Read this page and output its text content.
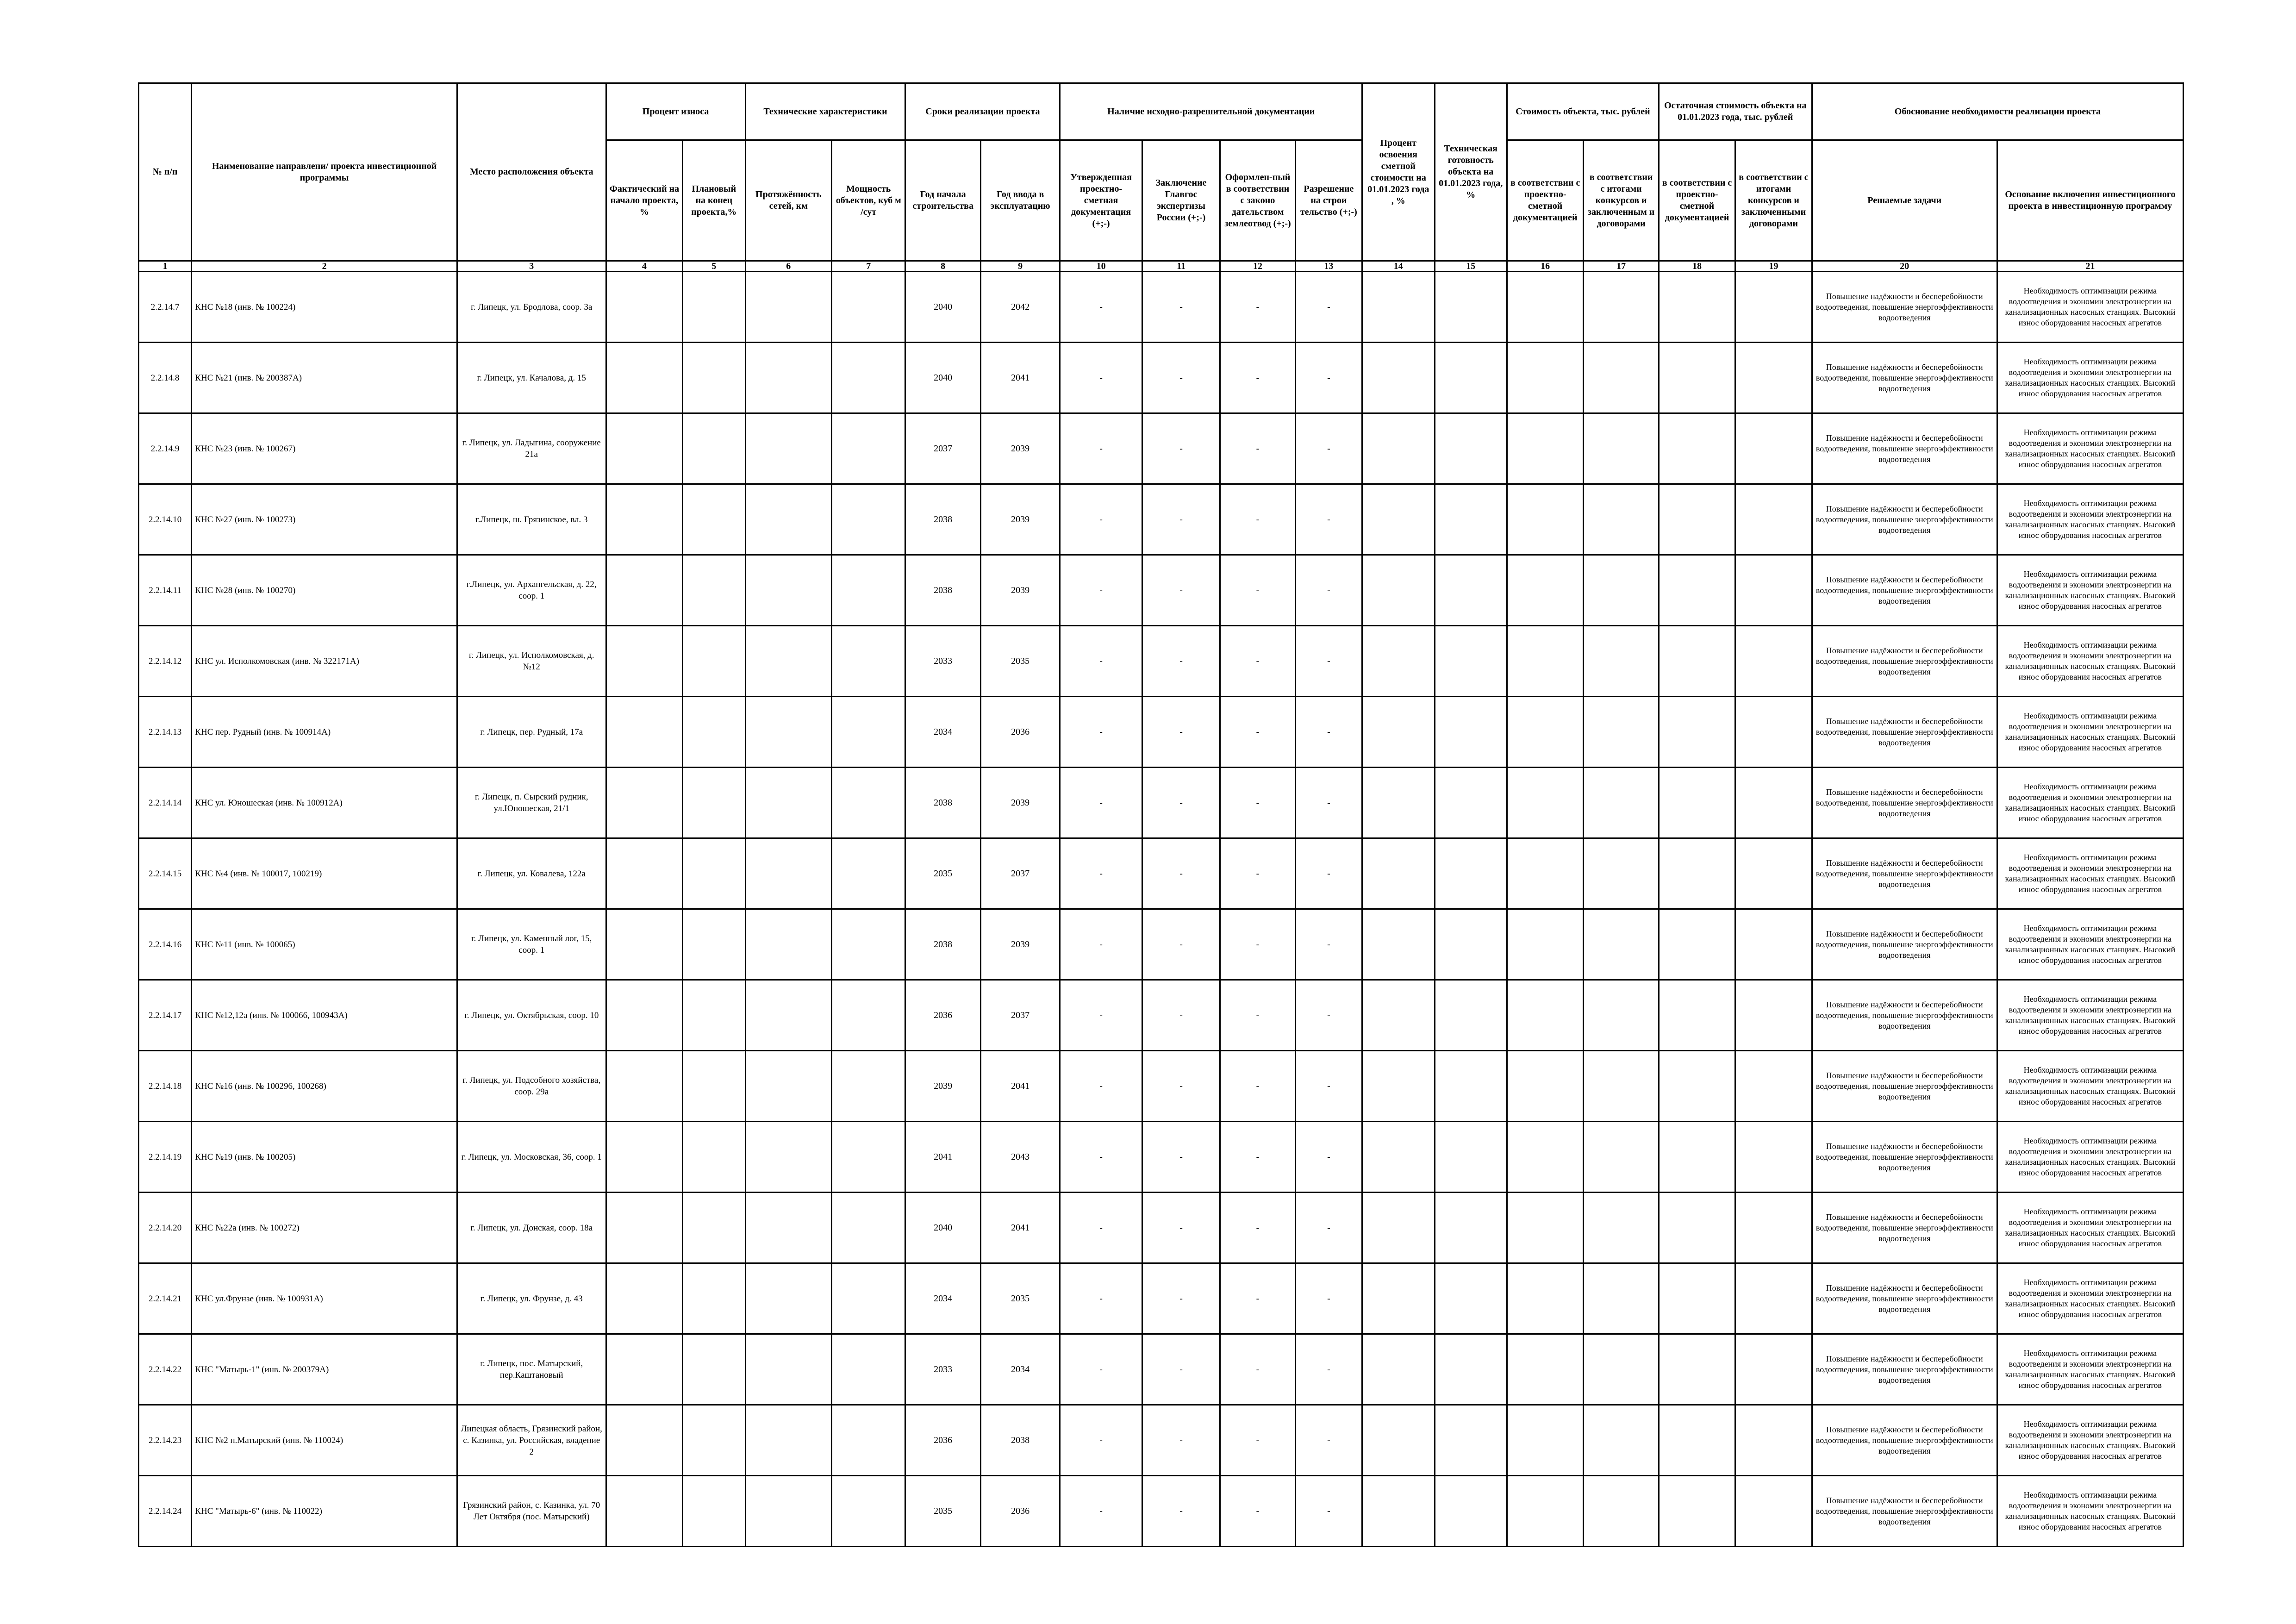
№ п/п	Наименование направлени/ проекта инвестиционной программы	Место расположения объекта	Процент износа		Технические характеристики		Сроки реализации проекта		Наличие исходно-разрешительной документации				Процент освоения сметной стоимости на 01.01.2023 года , %	Техническая готовность объекта на 01.01.2023 года, %	Стоимость объекта, тыс. рублей		Остаточная стоимость объекта на 01.01.2023 года, тыс. рублей		Обоснование необходимости реализации проекта	
			Фактический на начало проекта, %	Плановый на конец проекта,%	Протяжённость сетей, км	Мощность объектов, куб м /сут	Год начала строительства	Год ввода в эксплуатацию	Утвержденная проектно-сметная документация (+;-)	Заключение Главгос экспертизы России (+;-)	Оформлен-ный в соответствии с законо дательством землеотвод (+;-)	Разрешение на строи тельство (+;-)			в соответствии с проектно-сметной документацией	в соответствии с итогами конкурсов и заключенным и договорами	в соответствии с проектно-сметной документацией	в соответствии с итогами конкурсов и заключенными договорами	Решаемые задачи	Основание включения инвестиционного проекта в инвестиционную программу
1	2	3	4	5	6	7	8	9	10	11	12	13	14	15	16	17	18	19	20	21
2.2.14.7	КНС №18 (инв. № 100224)	г. Липецк, ул. Бродлова, соор. 3а					2040	2042	-	-	-	-							Повышение надёжности и бесперебойности водоотведения, повышение энергоэффективности водоотведения	Необходимость оптимизации режима водоотведения и экономии электроэнергии на канализационных насосных станциях. Высокий износ оборудования насосных агрегатов
2.2.14.8	КНС №21 (инв. № 200387А)	г. Липецк, ул. Качалова, д. 15					2040	2041	-	-	-	-							Повышение надёжности и бесперебойности водоотведения, повышение энергоэффективности водоотведения	Необходимость оптимизации режима водоотведения и экономии электроэнергии на канализационных насосных станциях. Высокий износ оборудования насосных агрегатов
2.2.14.9	КНС №23 (инв. № 100267)	г. Липецк, ул. Ладыгина, сооружение 21а					2037	2039	-	-	-	-							Повышение надёжности и бесперебойности водоотведения, повышение энергоэффективности водоотведения	Необходимость оптимизации режима водоотведения и экономии электроэнергии на канализационных насосных станциях. Высокий износ оборудования насосных агрегатов
2.2.14.10	КНС №27 (инв. № 100273)	г.Липецк, ш. Грязинское, вл. 3					2038	2039	-	-	-	-							Повышение надёжности и бесперебойности водоотведения, повышение энергоэффективности водоотведения	Необходимость оптимизации режима водоотведения и экономии электроэнергии на канализационных насосных станциях. Высокий износ оборудования насосных агрегатов
2.2.14.11	КНС №28 (инв. № 100270)	г.Липецк, ул. Архангельская, д. 22, соор. 1					2038	2039	-	-	-	-							Повышение надёжности и бесперебойности водоотведения, повышение энергоэффективности водоотведения	Необходимость оптимизации режима водоотведения и экономии электроэнергии на канализационных насосных станциях. Высокий износ оборудования насосных агрегатов
2.2.14.12	КНС ул. Исполкомовская (инв. № 322171А)	г. Липецк, ул. Исполкомовская, д. №12					2033	2035	-	-	-	-							Повышение надёжности и бесперебойности водоотведения, повышение энергоэффективности водоотведения	Необходимость оптимизации режима водоотведения и экономии электроэнергии на канализационных насосных станциях. Высокий износ оборудования насосных агрегатов
2.2.14.13	КНС пер. Рудный (инв. № 100914А)	г. Липецк, пер. Рудный, 17а					2034	2036	-	-	-	-							Повышение надёжности и бесперебойности водоотведения, повышение энергоэффективности водоотведения	Необходимость оптимизации режима водоотведения и экономии электроэнергии на канализационных насосных станциях. Высокий износ оборудования насосных агрегатов
2.2.14.14	КНС ул. Юношеская (инв. № 100912А)	г. Липецк, п. Сырский рудник, ул.Юношеская, 21/1					2038	2039	-	-	-	-							Повышение надёжности и бесперебойности водоотведения, повышение энергоэффективности водоотведения	Необходимость оптимизации режима водоотведения и экономии электроэнергии на канализационных насосных станциях. Высокий износ оборудования насосных агрегатов
2.2.14.15	КНС №4 (инв. № 100017, 100219)	г. Липецк, ул. Ковалева, 122а					2035	2037	-	-	-	-							Повышение надёжности и бесперебойности водоотведения, повышение энергоэффективности водоотведения	Необходимость оптимизации режима водоотведения и экономии электроэнергии на канализационных насосных станциях. Высокий износ оборудования насосных агрегатов
2.2.14.16	КНС №11 (инв. № 100065)	г. Липецк, ул. Каменный лог, 15, соор. 1					2038	2039	-	-	-	-							Повышение надёжности и бесперебойности водоотведения, повышение энергоэффективности водоотведения	Необходимость оптимизации режима водоотведения и экономии электроэнергии на канализационных насосных станциях. Высокий износ оборудования насосных агрегатов
2.2.14.17	КНС №12,12а (инв. № 100066, 100943А)	г. Липецк, ул. Октябрьская, соор. 10					2036	2037	-	-	-	-							Повышение надёжности и бесперебойности водоотведения, повышение энергоэффективности водоотведения	Необходимость оптимизации режима водоотведения и экономии электроэнергии на канализационных насосных станциях. Высокий износ оборудования насосных агрегатов
2.2.14.18	КНС №16 (инв. № 100296, 100268)	г. Липецк, ул. Подсобного хозяйства, соор. 29а					2039	2041	-	-	-	-							Повышение надёжности и бесперебойности водоотведения, повышение энергоэффективности водоотведения	Необходимость оптимизации режима водоотведения и экономии электроэнергии на канализационных насосных станциях. Высокий износ оборудования насосных агрегатов
2.2.14.19	КНС №19 (инв. № 100205)	г. Липецк, ул. Московская, 36, соор. 1					2041	2043	-	-	-	-							Повышение надёжности и бесперебойности водоотведения, повышение энергоэффективности водоотведения	Необходимость оптимизации режима водоотведения и экономии электроэнергии на канализационных насосных станциях. Высокий износ оборудования насосных агрегатов
2.2.14.20	КНС №22а (инв. № 100272)	г. Липецк, ул. Донская, соор. 18а					2040	2041	-	-	-	-							Повышение надёжности и бесперебойности водоотведения, повышение энергоэффективности водоотведения	Необходимость оптимизации режима водоотведения и экономии электроэнергии на канализационных насосных станциях. Высокий износ оборудования насосных агрегатов
2.2.14.21	КНС ул.Фрунзе (инв. № 100931А)	г. Липецк, ул. Фрунзе, д. 43					2034	2035	-	-	-	-							Повышение надёжности и бесперебойности водоотведения, повышение энергоэффективности водоотведения	Необходимость оптимизации режима водоотведения и экономии электроэнергии на канализационных насосных станциях. Высокий износ оборудования насосных агрегатов
2.2.14.22	КНС "Матырь-1" (инв. № 200379А)	г. Липецк, пос. Матырский, пер.Каштановый					2033	2034	-	-	-	-							Повышение надёжности и бесперебойности водоотведения, повышение энергоэффективности водоотведения	Необходимость оптимизации режима водоотведения и экономии электроэнергии на канализационных насосных станциях. Высокий износ оборудования насосных агрегатов
2.2.14.23	КНС №2 п.Матырский (инв. № 110024)	Липецкая область, Грязинский район, с. Казинка, ул. Российская, владение 2					2036	2038	-	-	-	-							Повышение надёжности и бесперебойности водоотведения, повышение энергоэффективности водоотведения	Необходимость оптимизации режима водоотведения и экономии электроэнергии на канализационных насосных станциях. Высокий износ оборудования насосных агрегатов
2.2.14.24	КНС "Матырь-6" (инв. № 110022)	Грязинский район, с. Казинка, ул. 70 Лет Октября (пос. Матырский)					2035	2036	-	-	-	-							Повышение надёжности и бесперебойности водоотведения, повышение энергоэффективности водоотведения	Необходимость оптимизации режима водоотведения и экономии электроэнергии на канализационных насосных станциях. Высокий износ оборудования насосных агрегатов
